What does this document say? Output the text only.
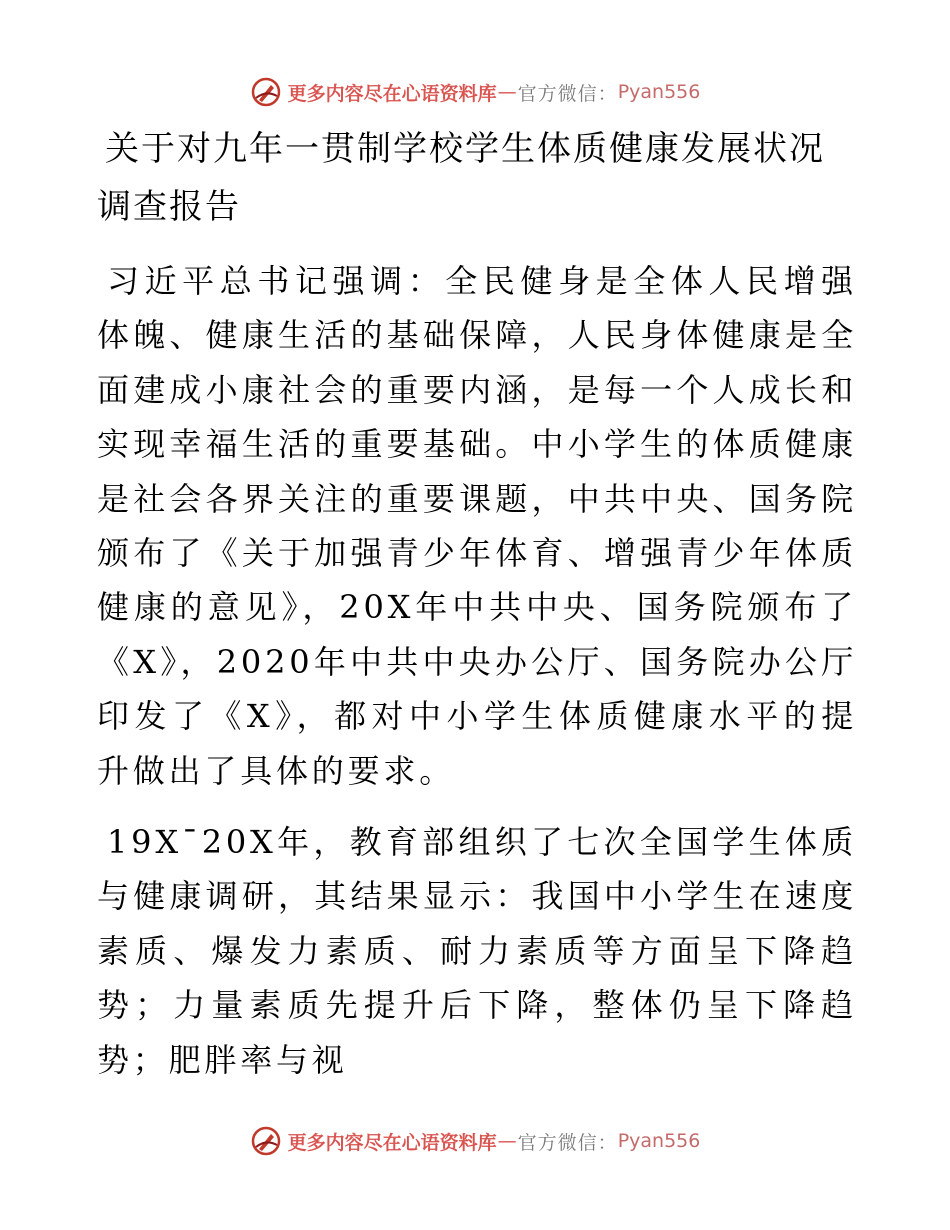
更多内容尽在心语资料库 — 官方微信： Pyan556
关于对九年一贯制学校学生体质健康发展状况调查报告

习近平总书记强调：全民健身是全体人民增强体魄、健康生活的基础保障，人民身体健康是全面建成小康社会的重要内涵，是每一个人成长和实现幸福生活的重要基础。中小学生的体质健康是社会各界关注的重要课题，中共中央、国务院颁布了《关于加强青少年体育、增强青少年体质健康的意见》，20X年中共中央、国务院颁布了《X》，2020年中共中央办公厅、国务院办公厅印发了《X》，都对中小学生体质健康水平的提升做出了具体的要求。

19X¯20X年，教育部组织了七次全国学生体质与健康调研，其结果显示：我国中小学生在速度素质、爆发力素质、耐力素质等方面呈下降趋势；力量素质先提升后下降，整体仍呈下降趋势；肥胖率与视

更多内容尽在心语资料库 — 官方微信： Pyan556
